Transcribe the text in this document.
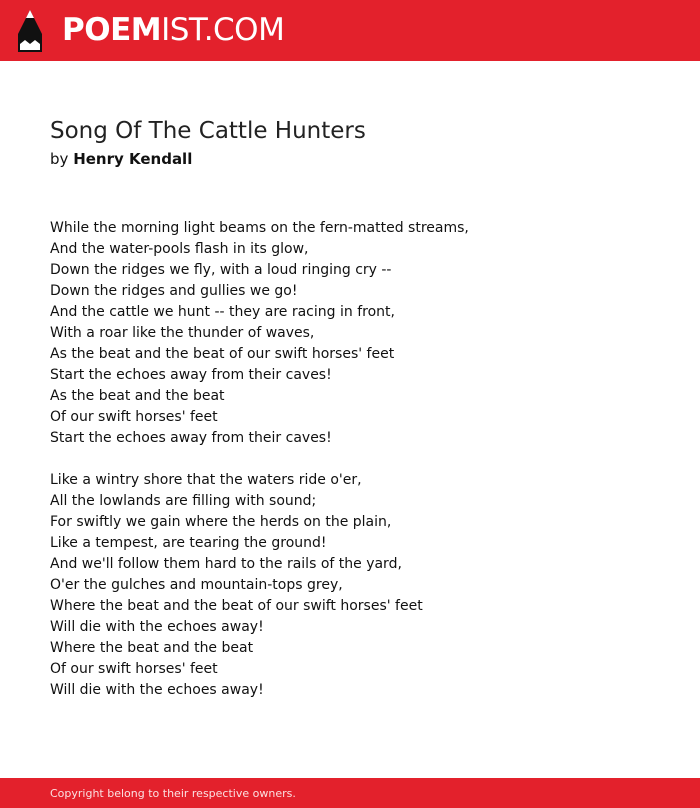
POEMIST.COM
Song Of The Cattle Hunters
by Henry Kendall
While the morning light beams on the fern-matted streams,
And the water-pools flash in its glow,
Down the ridges we fly, with a loud ringing cry --
Down the ridges and gullies we go!
And the cattle we hunt -- they are racing in front,
With a roar like the thunder of waves,
As the beat and the beat of our swift horses' feet
Start the echoes away from their caves!
As the beat and the beat
Of our swift horses' feet
Start the echoes away from their caves!
Like a wintry shore that the waters ride o'er,
All the lowlands are filling with sound;
For swiftly we gain where the herds on the plain,
Like a tempest, are tearing the ground!
And we'll follow them hard to the rails of the yard,
O'er the gulches and mountain-tops grey,
Where the beat and the beat of our swift horses' feet
Will die with the echoes away!
Where the beat and the beat
Of our swift horses' feet
Will die with the echoes away!
Copyright belong to their respective owners.
